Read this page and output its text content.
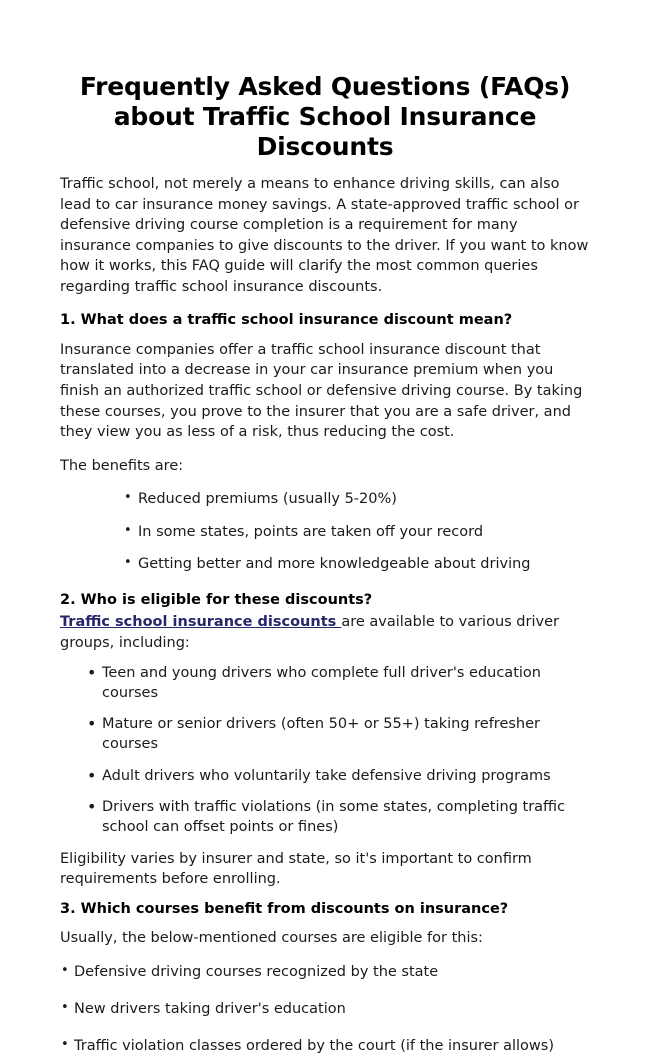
Frequently Asked Questions (FAQs) about Traffic School Insurance Discounts

Traffic school, not merely a means to enhance driving skills, can also lead to car insurance money savings. A state-approved traffic school or defensive driving course completion is a requirement for many insurance companies to give discounts to the driver. If you want to know how it works, this FAQ guide will clarify the most common queries regarding traffic school insurance discounts.

1. What does a traffic school insurance discount mean?

Insurance companies offer a traffic school insurance discount that translated into a decrease in your car insurance premium when you finish an authorized traffic school or defensive driving course. By taking these courses, you prove to the insurer that you are a safe driver, and they view you as less of a risk, thus reducing the cost.

The benefits are:

• Reduced premiums (usually 5-20%)
• In some states, points are taken off your record
• Getting better and more knowledgeable about driving
2. Who is eligible for these discounts?

Traffic school insurance discounts are available to various driver groups, including:

• Teen and young drivers who complete full driver's education courses
• Mature or senior drivers (often 50+ or 55+) taking refresher courses
• Adult drivers who voluntarily take defensive driving programs
• Drivers with traffic violations (in some states, completing traffic school can offset points or fines)

Eligibility varies by insurer and state, so it's important to confirm requirements before enrolling.

3. Which courses benefit from discounts on insurance?

Usually, the below-mentioned courses are eligible for this:

• Defensive driving courses recognized by the state
• New drivers taking driver's education
• Traffic violation classes ordered by the court (if the insurer allows)
